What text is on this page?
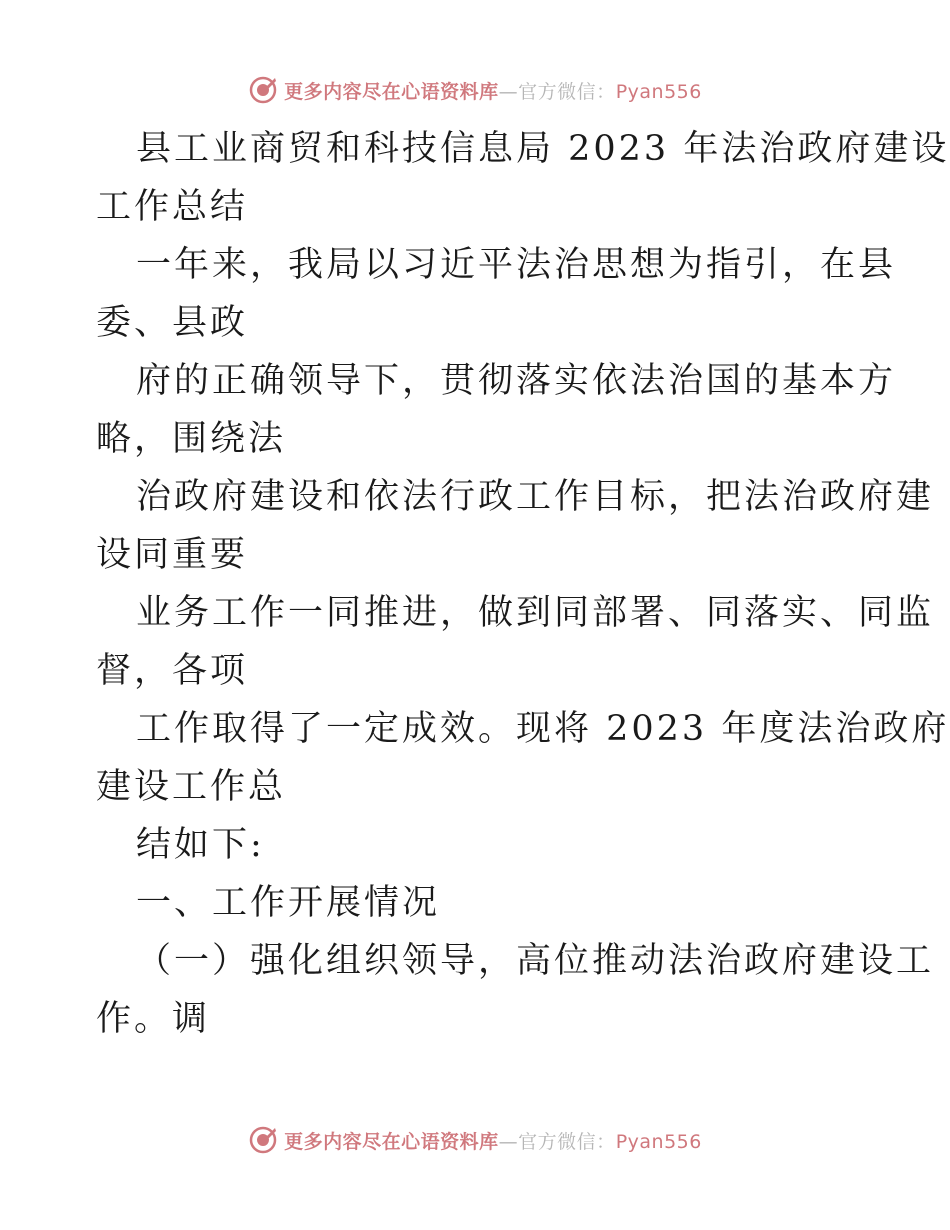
更多内容尽在心语资料库—官方微信：Pyan556
县工业商贸和科技信息局 2023 年法治政府建设
工作总结
一年来，我局以习近平法治思想为指引，在县
委、县政
府的正确领导下，贯彻落实依法治国的基本方
略，围绕法
治政府建设和依法行政工作目标，把法治政府建
设同重要
业务工作一同推进，做到同部署、同落实、同监
督，各项
工作取得了一定成效。现将 2023 年度法治政府
建设工作总
结如下:
一、工作开展情况
（一）强化组织领导，高位推动法治政府建设工
作。调
更多内容尽在心语资料库—官方微信：Pyan556
